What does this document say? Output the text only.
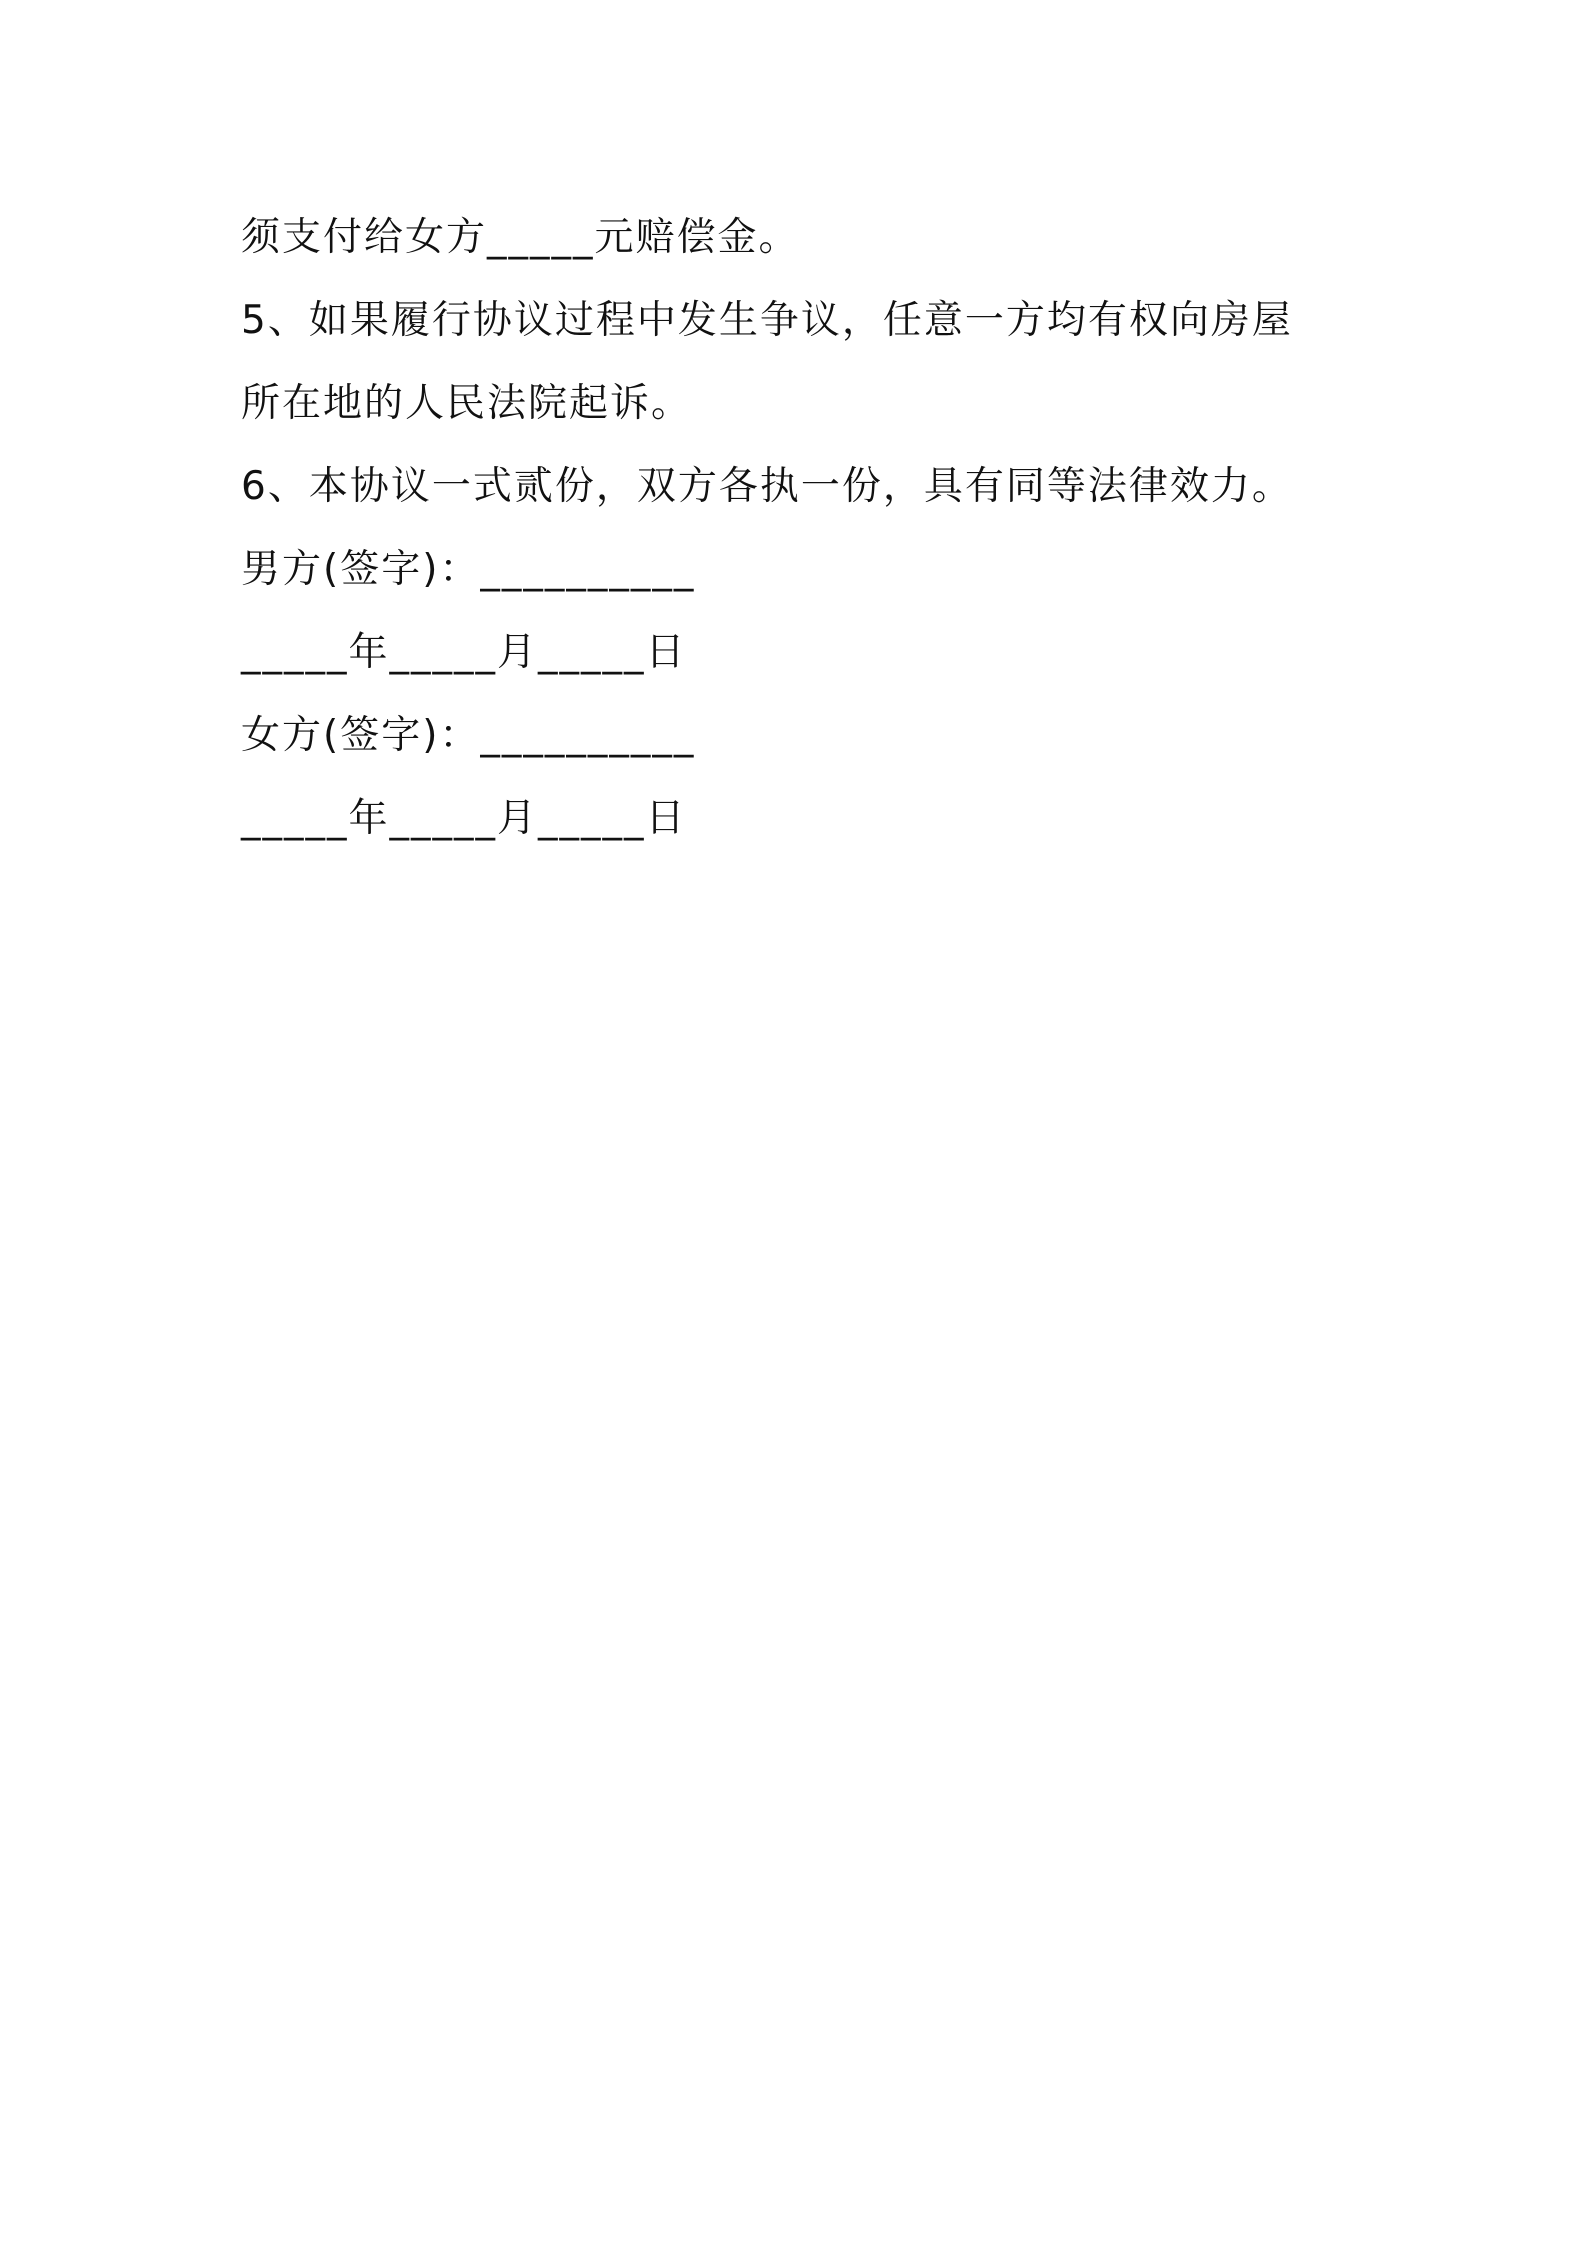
须支付给女方_____元赔偿金。
5、如果履行协议过程中发生争议，任意一方均有权向房屋
所在地的人民法院起诉。
6、本协议一式贰份，双方各执一份，具有同等法律效力。
男方(签字)：__________
_____年_____月_____日
女方(签字)：__________
_____年_____月_____日
